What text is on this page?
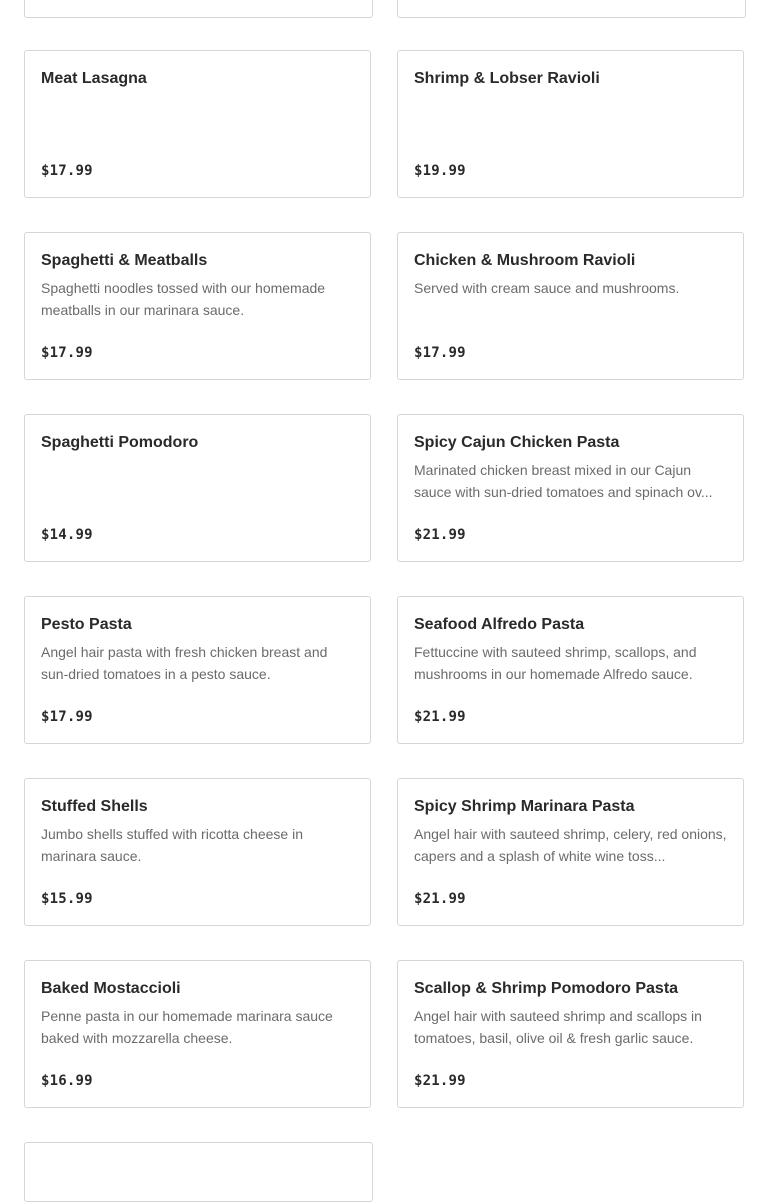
Meat Lasagna
$17.99
Shrimp & Lobser Ravioli
$19.99
Spaghetti & Meatballs
Spaghetti noodles tossed with our homemade meatballs in our marinara sauce.
$17.99
Chicken & Mushroom Ravioli
Served with cream sauce and mushrooms.
$17.99
Spaghetti Pomodoro
$14.99
Spicy Cajun Chicken Pasta
Marinated chicken breast mixed in our Cajun sauce with sun-dried tomatoes and spinach ov...
$21.99
Pesto Pasta
Angel hair pasta with fresh chicken breast and sun-dried tomatoes in a pesto sauce.
$17.99
Seafood Alfredo Pasta
Fettuccine with sauteed shrimp, scallops, and mushrooms in our homemade Alfredo sauce.
$21.99
Stuffed Shells
Jumbo shells stuffed with ricotta cheese in marinara sauce.
$15.99
Spicy Shrimp Marinara Pasta
Angel hair with sauteed shrimp, celery, red onions, capers and a splash of white wine toss...
$21.99
Baked Mostaccioli
Penne pasta in our homemade marinara sauce baked with mozzarella cheese.
$16.99
Scallop & Shrimp Pomodoro Pasta
Angel hair with sauteed shrimp and scallops in tomatoes, basil, olive oil & fresh garlic sauce.
$21.99
